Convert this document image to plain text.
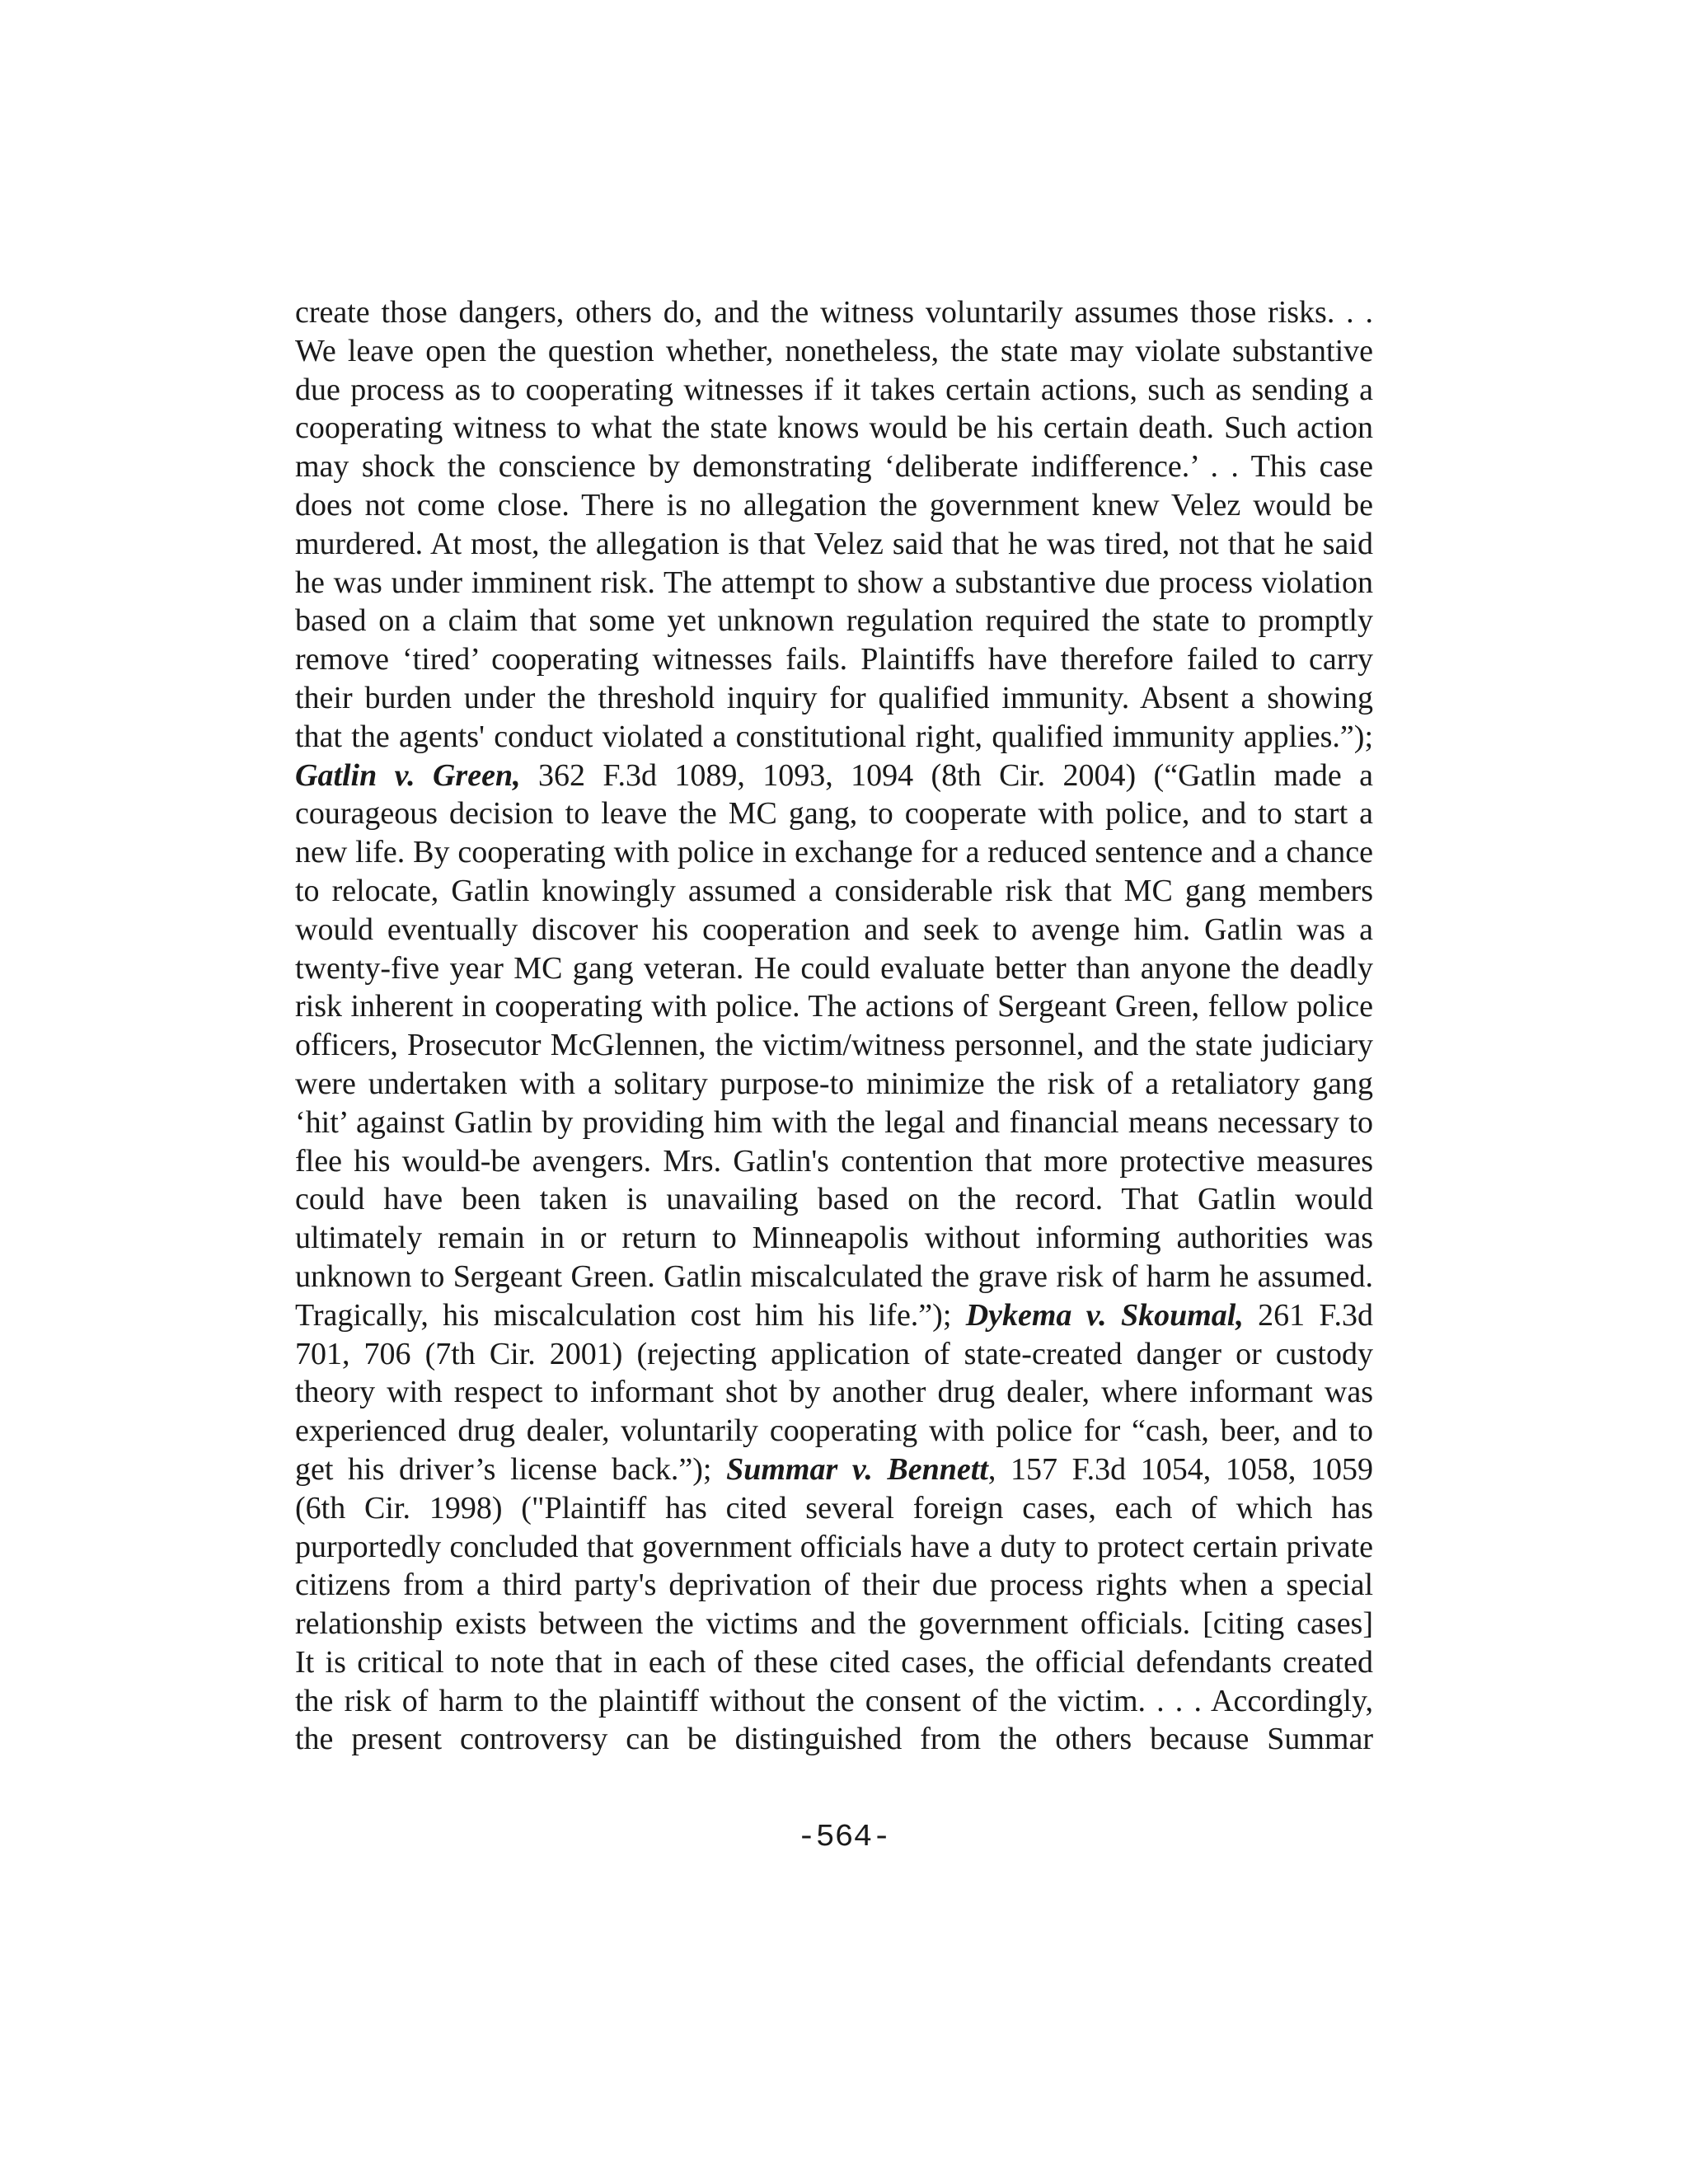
create those dangers, others do, and the witness voluntarily assumes those risks. . .
We leave open the question whether, nonetheless, the state may violate substantive
due process as to cooperating witnesses if it takes certain actions, such as sending a
cooperating witness to what the state knows would be his certain death. Such action
may shock the conscience by demonstrating ‘deliberate indifference.’ . . This case
does not come close. There is no allegation the government knew Velez would be
murdered. At most, the allegation is that Velez said that he was tired, not that he said
he was under imminent risk. The attempt to show a substantive due process violation
based on a claim that some yet unknown regulation required the state to promptly
remove ‘tired’ cooperating witnesses fails. Plaintiffs have therefore failed to carry
their burden under the threshold inquiry for qualified immunity. Absent a showing
that the agents' conduct violated a constitutional right, qualified immunity applies.”);
Gatlin v. Green, 362 F.3d 1089, 1093, 1094 (8th Cir. 2004) (“Gatlin made a
courageous decision to leave the MC gang, to cooperate with police, and to start a
new life. By cooperating with police in exchange for a reduced sentence and a chance
to relocate, Gatlin knowingly assumed a considerable risk that MC gang members
would eventually discover his cooperation and seek to avenge him. Gatlin was a
twenty-five year MC gang veteran. He could evaluate better than anyone the deadly
risk inherent in cooperating with police. The actions of Sergeant Green, fellow police
officers, Prosecutor McGlennen, the victim/witness personnel, and the state judiciary
were undertaken with a solitary purpose-to minimize the risk of a retaliatory gang
‘hit’ against Gatlin by providing him with the legal and financial means necessary to
flee his would-be avengers. Mrs. Gatlin's contention that more protective measures
could have been taken is unavailing based on the record. That Gatlin would
ultimately remain in or return to Minneapolis without informing authorities was
unknown to Sergeant Green. Gatlin miscalculated the grave risk of harm he assumed.
Tragically, his miscalculation cost him his life.”); Dykema v. Skoumal, 261 F.3d
701, 706 (7th Cir. 2001) (rejecting application of state-created danger or custody
theory with respect to informant shot by another drug dealer, where informant was
experienced drug dealer, voluntarily cooperating with police for “cash, beer, and to
get his driver’s license back.”); Summar v. Bennett, 157 F.3d 1054, 1058, 1059
(6th Cir. 1998) ("Plaintiff has cited several foreign cases, each of which has
purportedly concluded that government officials have a duty to protect certain private
citizens from a third party's deprivation of their due process rights when a special
relationship exists between the victims and the government officials. [citing cases]
It is critical to note that in each of these cited cases, the official defendants created
the risk of harm to the plaintiff without the consent of the victim. . . . Accordingly,
the present controversy can be distinguished from the others because Summar
-564-
